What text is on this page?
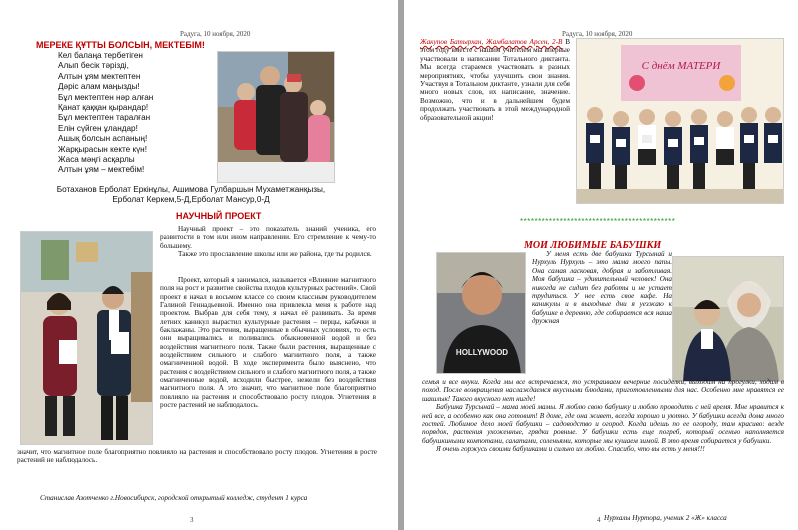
Радуга, 10 ноября, 2020
МЕРЕКЕ ҚҰТТЫ БОЛСЫН, МЕКТЕБІМ!
Кел балаңа тербетіген
Алып бесік тәрізді,
Алтын ұям мектептен
Дәріс алам маңызды!
Бұл мектептен нәр алған
Қанат қаққан қырандар!
Бұл мектептен таралған
Елін сүйген ұландар!
Ашық болсын аспаның!
Жарқырасын кекте күн!
Жаса мәңгі асқарлы
Алтын ұям – мектебім!
Ботаханов Ерболат Еркінұлы, Ашимова Гулбаршын Мухаметжанқызы,
Ерболат Керкем,5-Д,Ерболат Мансур,0-Д
НАУЧНЫЙ ПРОЕКТ

Научный проект – это показатель знаний ученика, его развитости в том или ином направлении. Его стремление к чему-то большему.

Также это прославление школы или же района, где ты родился.

Проект, который я занимался, называется «Влияние магнитного поля на рост и развитие свойства плодов культурных растений». Свой проект я начал в восьмом классе со своим классным руководителем Галиной Геннадьевной. Именно она привлекла меня к работе над проектом. Выбрав для себя тему, я начал её развивать. За время летних каникул вырастил культурные растения – перцы, кабачки и баклажаны. Это растения, выращенные в обычных условиях, то есть они выращивались и поливались обыкновенной водой и без воздействия магнитного поля. Также были растения, выращенные с воздействием сильного и слабого магнитного поля, а также омагниченной водой. В ходе эксперимента было выяснено, что растения с воздействием сильного и слабого магнитного поля, а также омагниченные водой, всходили быстрее, нежели без воздействия магнитного поля. А это значит, что магнитное поле благоприятно повлияло на растения и способствовало росту плодов. Угнетения в росте растений не наблюдалось.

значит, что магнитное поле благоприятно повлияло на растения и способствовало росту плодов. Угнетения в росте растений не наблюдалось.

Станислав Азотченко г.Новосибирск, городской открытый колледж, студент 1 курса
3
Радуга, 10 ноября, 2020
Жакупов Батырхан, Жамбалатов Арсен, 2-В В этом году вместе с нашим учителем мы впервые участвовали в написании Тотального диктанта. Мы всегда стараемся участвовать в разных мероприятиях, чтобы улучшить свои знания. Участвуя в Тотальном диктанте, узнали для себя много новых слов, их написание, значение. Возможно, что и в дальнейшем будем продолжать участвовать в этой международной образовательной акции!
С днём МАТЕРИ
*******************************************
МОИ ЛЮБИМЫЕ БАБУШКИ
HOLLYWOOD

У меня есть две бабушки Турсынай и Нурхуль Нурхуль – это мама моего папы. Она самая ласковая, добрая и заботливая. Моя бабушка – удивительный человек! Она никогда не сидит без работы и не устает трудиться. У нее есть свое кафе. На каникулы и в выходные дни я уезжаю к бабушке в деревню, где собирается вся наша дружная

семья и все внуки. Когда мы все встречаемся, то устраиваем вечерние посиделки, выходим на прогулки, ходим в поход. После возвращения наслаждаемся вкусными блюдами, приготовленными для нас. Особенно мне нравятся ее шашлык! Такого вкусного нет нигде!

Бабушка Турсынай – мама моей мамы. Я люблю свою бабушку и люблю проводить с ней время. Мне нравится к ней все, а особенно как она готовит! В доме, где она живет, всегда хорошо и уютно. У бабушки всегда дома много гостей. Любимое дело моей бабушки – садоводство и огород. Когда идешь по ее огороду, там красиво: везде порядок, растения ухоженные, грядки ровные. У бабушки есть еще погреб, который осенью наполняется бабушкиными компотами, салатами, соленьями, которые мы кушаем зимой. В это время собирается у бабушки.

Я очень горжусь своими бабушками и сильно их люблю. Спасибо, что вы есть у меня!!!

Нурхалы Нуртора, ученик 2 «Ж» класса
4
